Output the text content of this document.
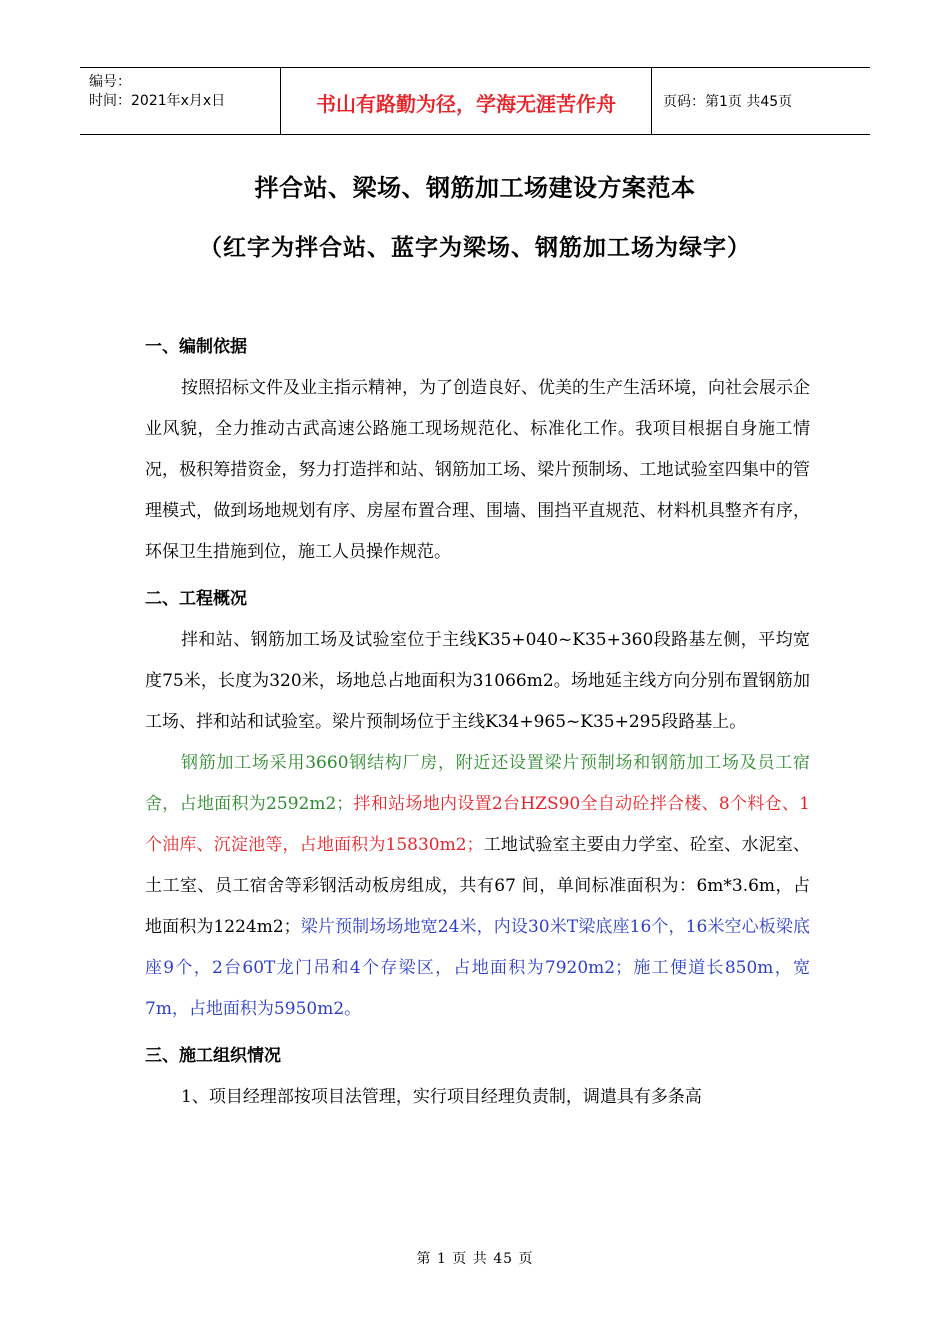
编号：
时间：2021年x月x日	书山有路勤为径，学海无涯苦作舟	页码：第1页 共45页
拌合站、梁场、钢筋加工场建设方案范本
（红字为拌合站、蓝字为梁场、钢筋加工场为绿字）

一、编制依据

按照招标文件及业主指示精神，为了创造良好、优美的生产生活环境，向社会展示企业风貌，全力推动古武高速公路施工现场规范化、标准化工作。我项目根据自身施工情况，极积筹措资金，努力打造拌和站、钢筋加工场、梁片预制场、工地试验室四集中的管理模式，做到场地规划有序、房屋布置合理、围墙、围挡平直规范、材料机具整齐有序，环保卫生措施到位，施工人员操作规范。

二、工程概况

拌和站、钢筋加工场及试验室位于主线K35+040~K35+360段路基左侧，平均宽度75米，长度为320米，场地总占地面积为31066m2。场地延主线方向分别布置钢筋加工场、拌和站和试验室。梁片预制场位于主线K34+965~K35+295段路基上。

钢筋加工场采用3660钢结构厂房，附近还设置梁片预制场和钢筋加工场及员工宿舍，占地面积为2592m2；拌和站场地内设置2台HZS90全自动砼拌合楼、8个料仓、1个油库、沉淀池等，占地面积为15830m2；工地试验室主要由力学室、砼室、水泥室、土工室、员工宿舍等彩钢活动板房组成，共有67 间，单间标准面积为：6m*3.6m，占地面积为1224m2；梁片预制场场地宽24米，内设30米T梁底座16个，16米空心板梁底座9个，2台60T龙门吊和4个存梁区，占地面积为7920m2；施工便道长850m，宽7m，占地面积为5950m2。

三、施工组织情况

1、项目经理部按项目法管理，实行项目经理负责制，调遣具有多条高

第 1 页 共 45 页
